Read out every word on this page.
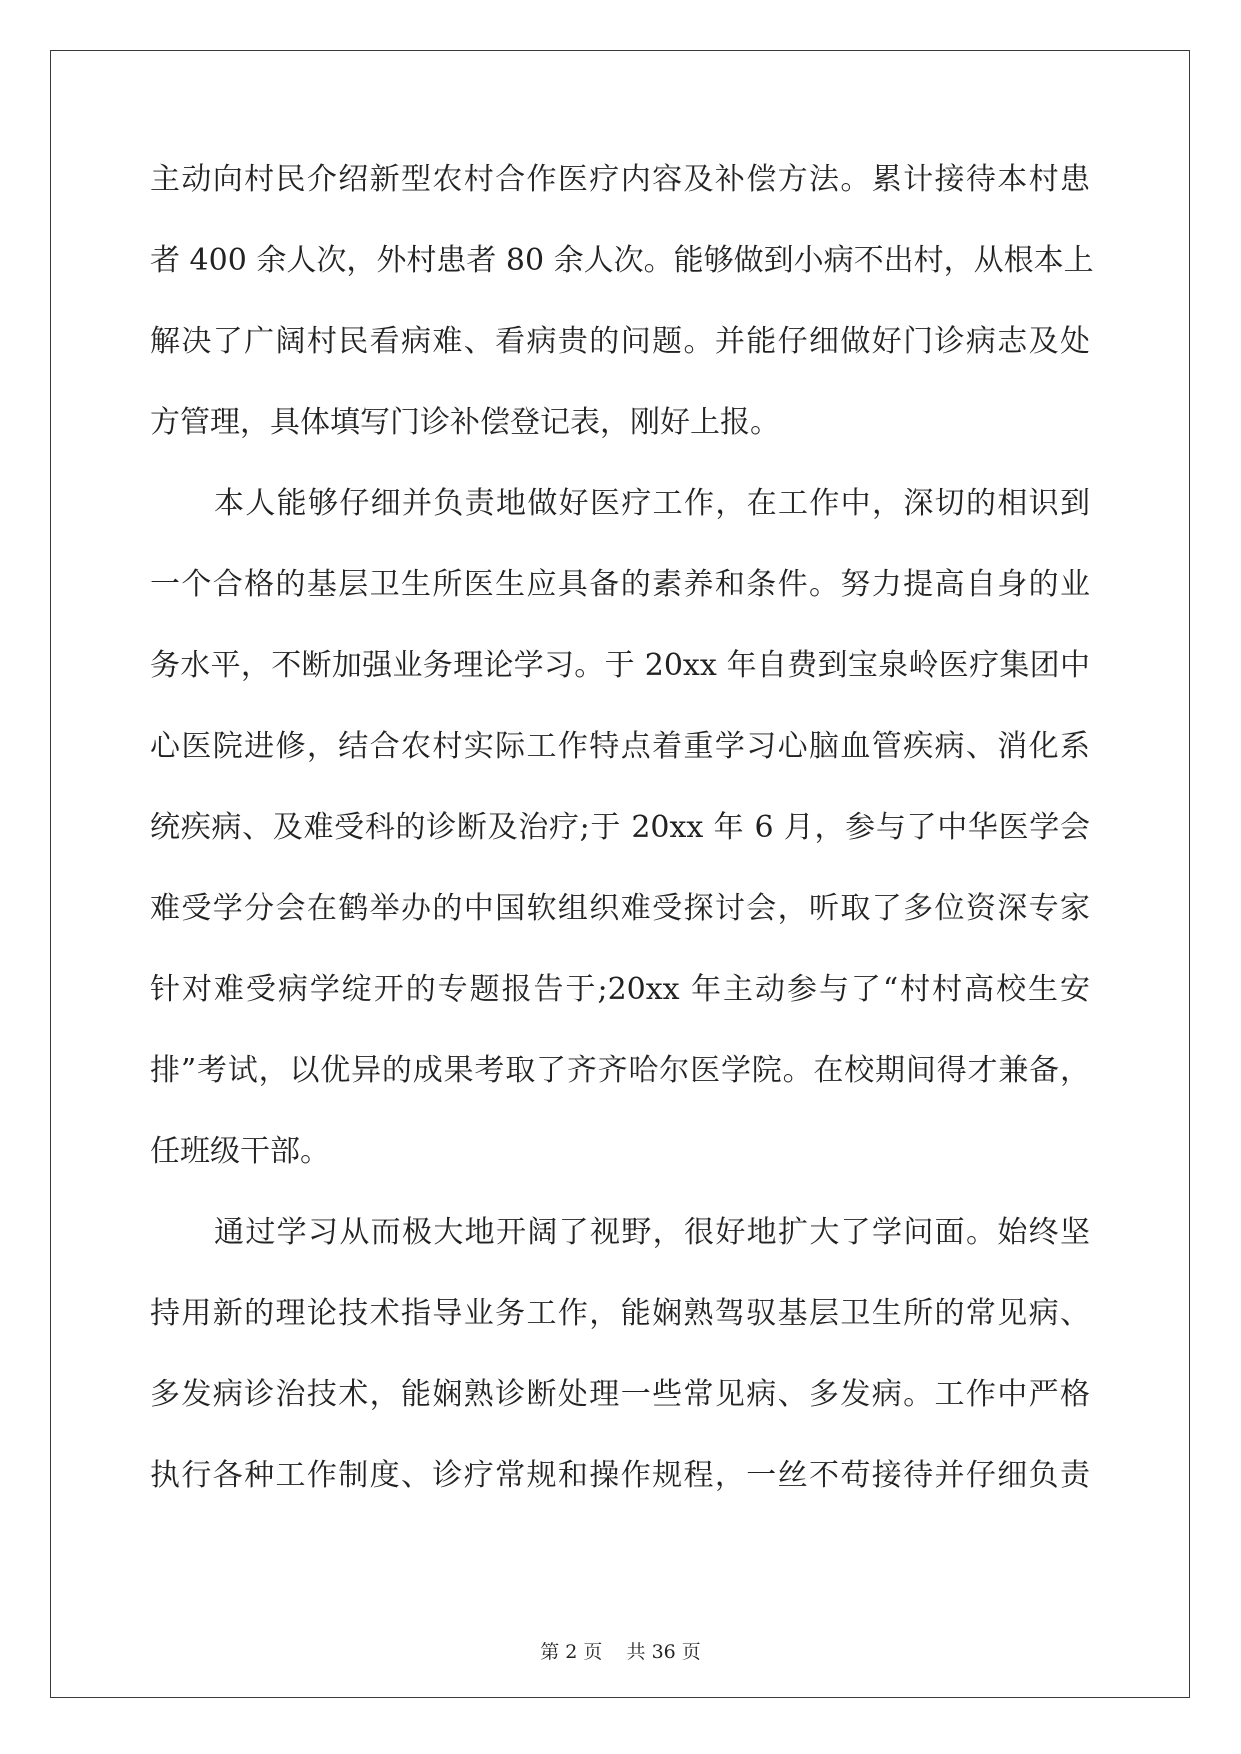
主动向村民介绍新型农村合作医疗内容及补偿方法。累计接待本村患
者 400 余人次，外村患者 80 余人次。能够做到小病不出村，从根本上
解决了广阔村民看病难、看病贵的问题。并能仔细做好门诊病志及处
方管理，具体填写门诊补偿登记表，刚好上报。
本人能够仔细并负责地做好医疗工作，在工作中，深切的相识到
一个合格的基层卫生所医生应具备的素养和条件。努力提高自身的业
务水平，不断加强业务理论学习。于 20xx 年自费到宝泉岭医疗集团中
心医院进修，结合农村实际工作特点着重学习心脑血管疾病、消化系
统疾病、及难受科的诊断及治疗;于 20xx 年 6 月，参与了中华医学会
难受学分会在鹤举办的中国软组织难受探讨会，听取了多位资深专家
针对难受病学绽开的专题报告于;20xx 年主动参与了“村村高校生安
排”考试，以优异的成果考取了齐齐哈尔医学院。在校期间得才兼备，
任班级干部。
通过学习从而极大地开阔了视野，很好地扩大了学问面。始终坚
持用新的理论技术指导业务工作，能娴熟驾驭基层卫生所的常见病、
多发病诊治技术，能娴熟诊断处理一些常见病、多发病。工作中严格
执行各种工作制度、诊疗常规和操作规程，一丝不苟接待并仔细负责
第 2 页 共 36 页
